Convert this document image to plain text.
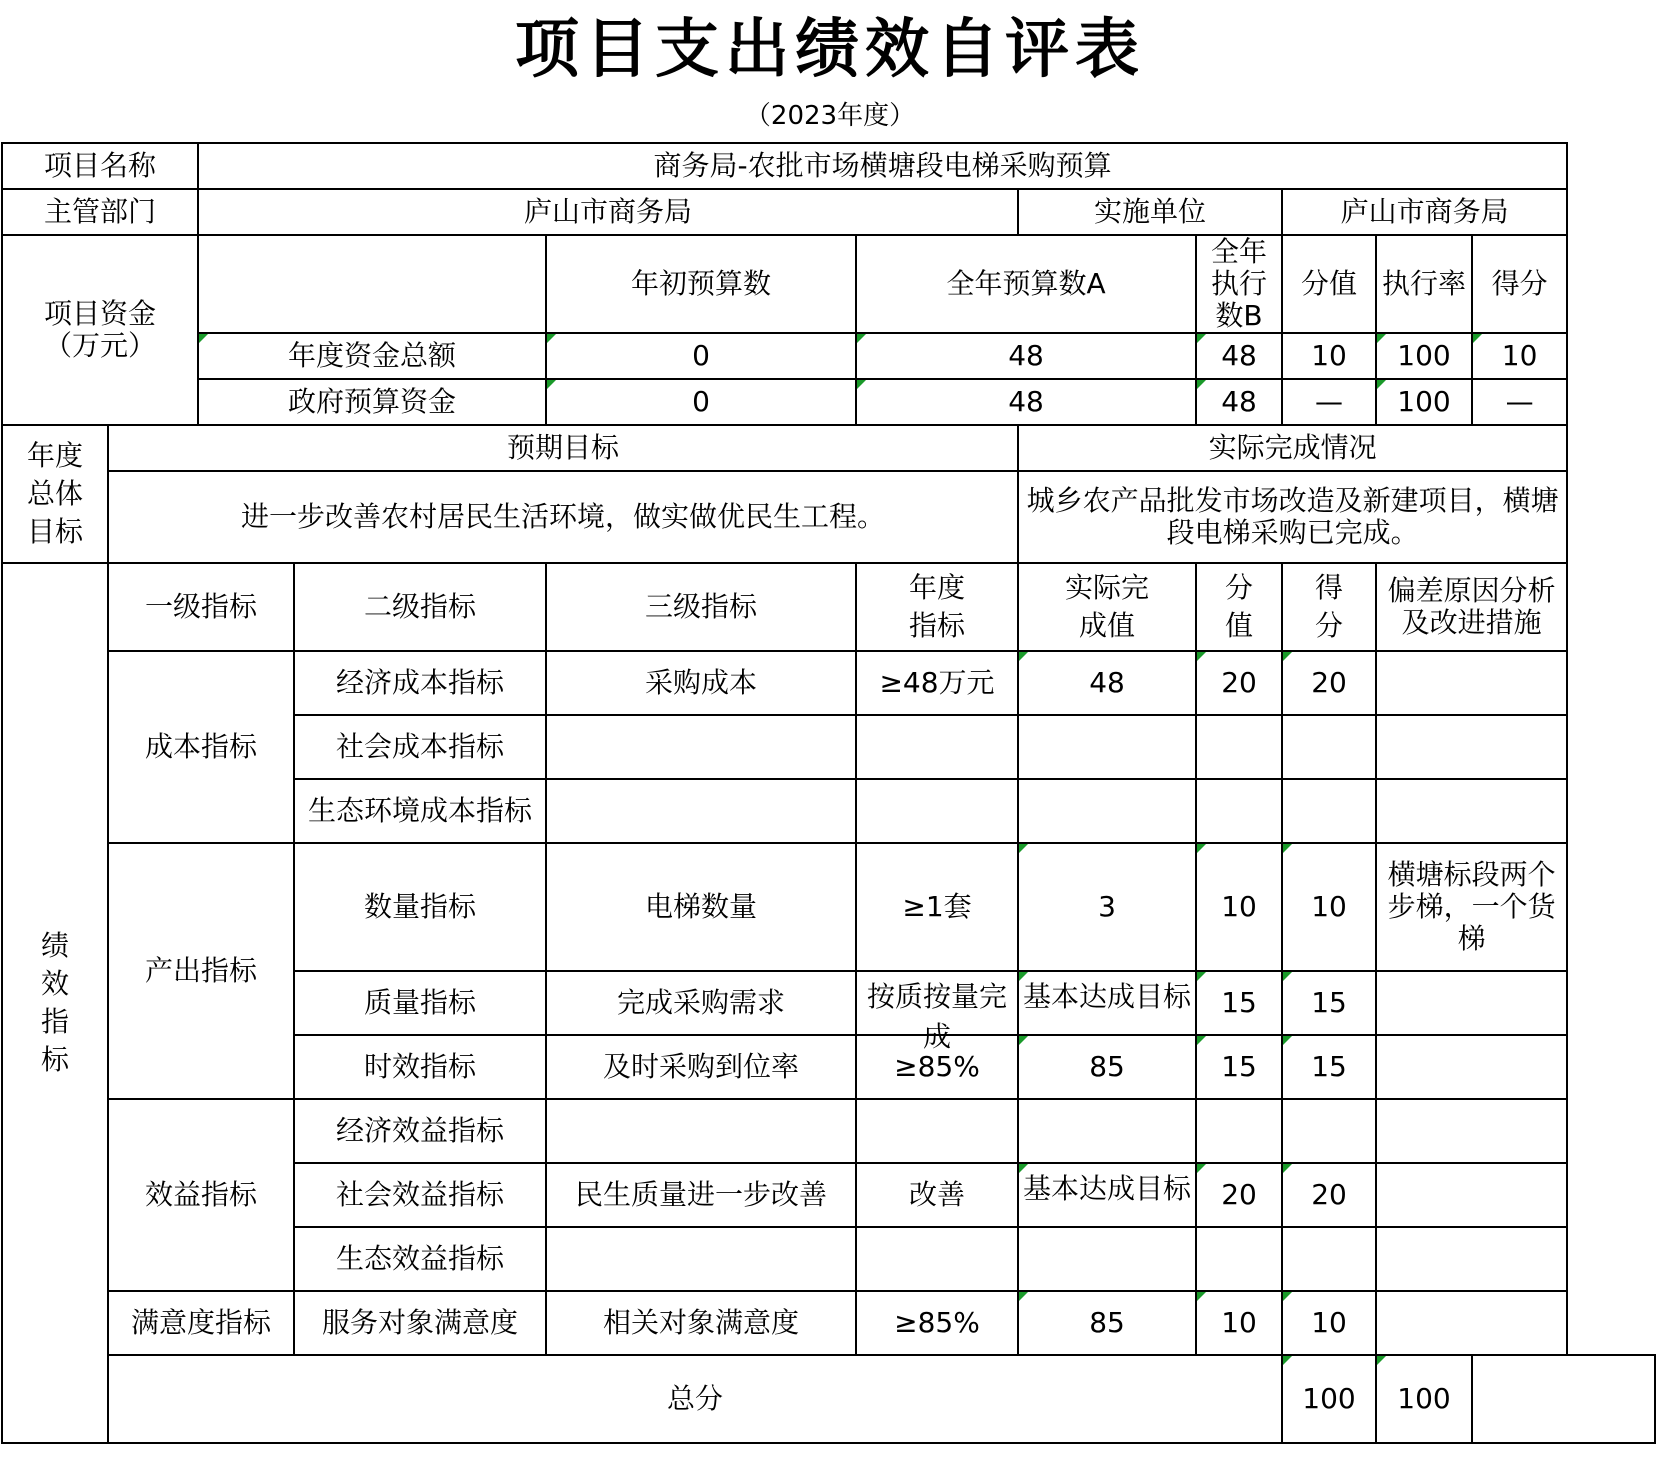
项目支出绩效自评表
（2023年度）
项目名称		商务局-农批市场横塘段电梯采购预算								
主管部门		庐山市商务局				实施单位		庐山市商务局		
项目资金
（万元）				年初预算数	全年预算数A		全年执行数B	分值	执行率	得分
		年度资金总额		0	48		48	10	100	10
		政府预算资金		0	48		48	—	100	—
年度总体目标	预期目标					实际完成情况				
	进一步改善农村居民生活环境，做实做优民生工程。					城乡农产品批发市场改造及新建项目，横塘段电梯采购已完成。				
绩效指标	一级指标		二级指标	三级指标	年度指标	实际完成值	分值	得分	偏差原因分析及改进措施	
	成本指标		经济成本指标	采购成本	≥48万元	48	20	20		
			社会成本指标							
			生态环境成本指标							
	产出指标		数量指标	电梯数量	≥1套	3	10	10	横塘标段两个步梯，一个货梯	
			质量指标	完成采购需求	按质按量完成	基本达成目标	15	15		
			时效指标	及时采购到位率	≥85%	85	15	15		
	效益指标		经济效益指标							
			社会效益指标	民生质量进一步改善	改善	基本达成目标	20	20		
			生态效益指标							
	满意度指标		服务对象满意度	相关对象满意度	≥85%	85	10	10		
	总分							100	100	
